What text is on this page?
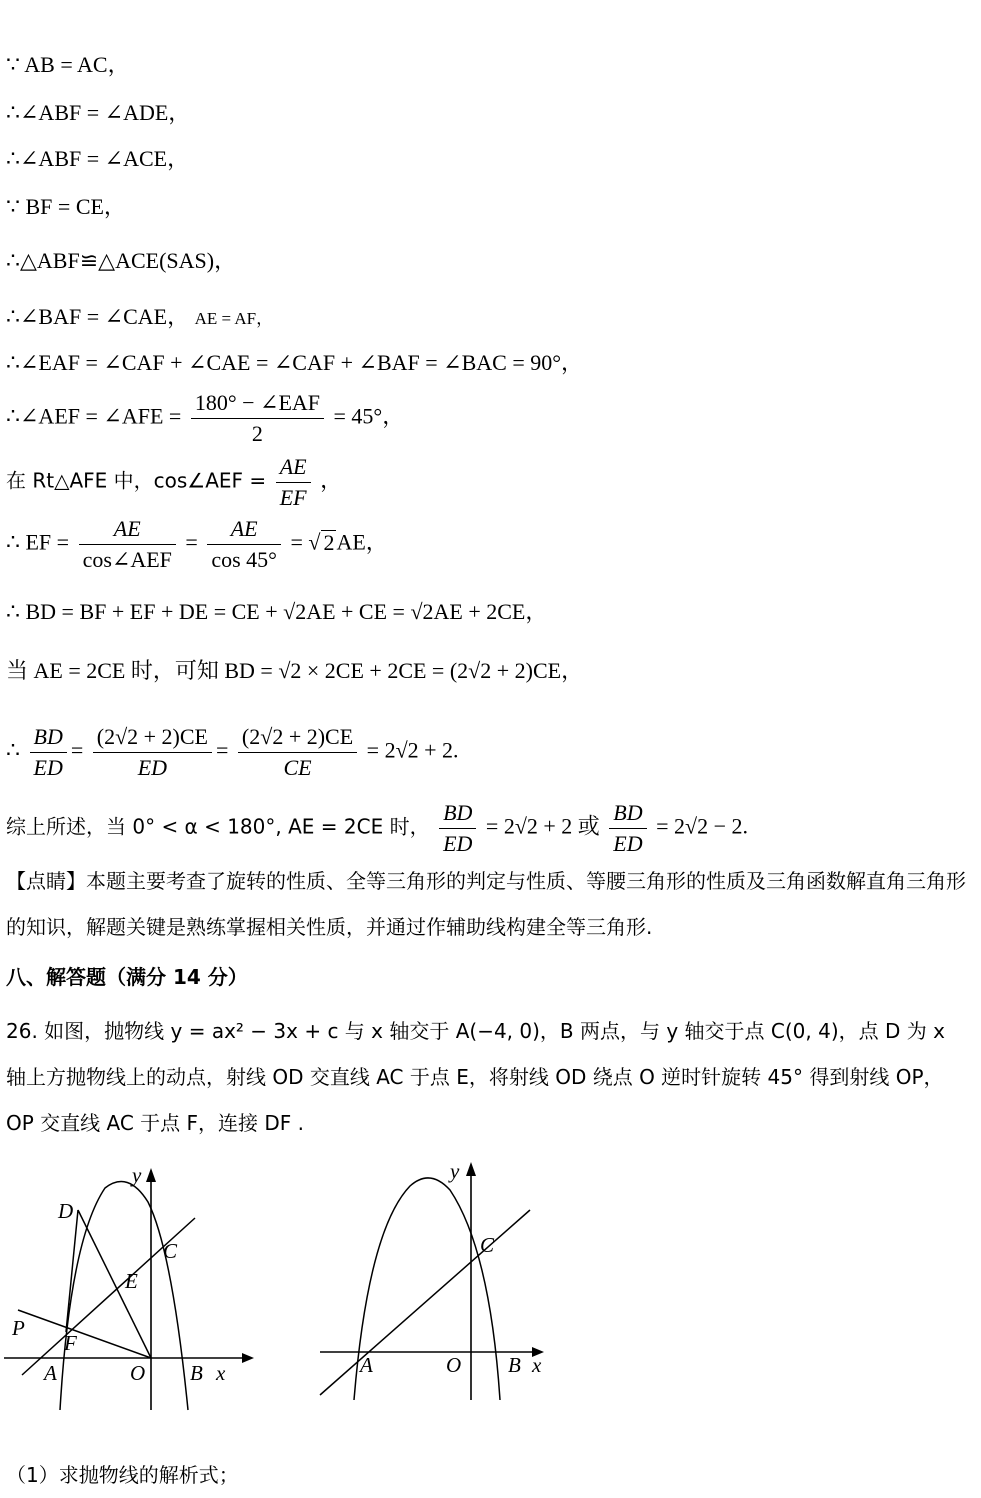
∵ AB = AC，
∴∠ABF = ∠ADE，
∴∠ABF = ∠ACE，
∵ BF = CE，
∴△ABF≌△ACE(SAS)，
∴∠BAF = ∠CAE， AE = AF，
∴∠EAF = ∠CAF + ∠CAE = ∠CAF + ∠BAF = ∠BAC = 90°，
∴∠AEF = ∠AFE = $\frac{\text{180° − ∠EAF}}{2} = 45^\circ$，
在 Rt△AFE 中，cos∠AEF = $\frac{AE}{EF}$ ，
∴ EF = $\frac{AE}{\text{cos∠AEF}} = \frac{AE}{\cos 45^\circ}$ = √ 2AE，
∴ BD = BF + EF + DE = CE + √2AE + CE = √2AE + 2CE，
当 AE = 2CE 时，可知 BD = √2 × 2CE + 2CE = (2√2 + 2)CE，
∴ $\frac{BD}{ED} = \frac{(2√2 + 2)CE}{ED} = \frac{(2√2 + 2)CE}{CE} = 2√2 + 2$.
综上所述，当 0° < α < 180°, AE = 2CE 时， $\frac{BD}{ED} = 2√2 + 2$ 或 $\frac{BD}{ED} = 2√2 - 2$.
【点睛】本题主要考查了旋转的性质、全等三角形的判定与性质、等腰三角形的性质及三角函数解直角三角形的知识，解题关键是熟练掌握相关性质，并通过作辅助线构建全等三角形.
八、解答题（满分 14 分）
26. 如图，抛物线 y = ax² − 3x + c 与 x 轴交于 A(−4, 0)，B 两点，与 y 轴交于点 C(0, 4)，点 D 为 x 轴上方抛物线上的动点，射线 OD 交直线 AC 于点 E，将射线 OD 绕点 O 逆时针旋转 45° 得到射线 OP，OP 交直线 AC 于点 F，连接 DF .
y
D
C
E
P
F
A	O B x
y
C
A	O B x
（1）求抛物线的解析式；
